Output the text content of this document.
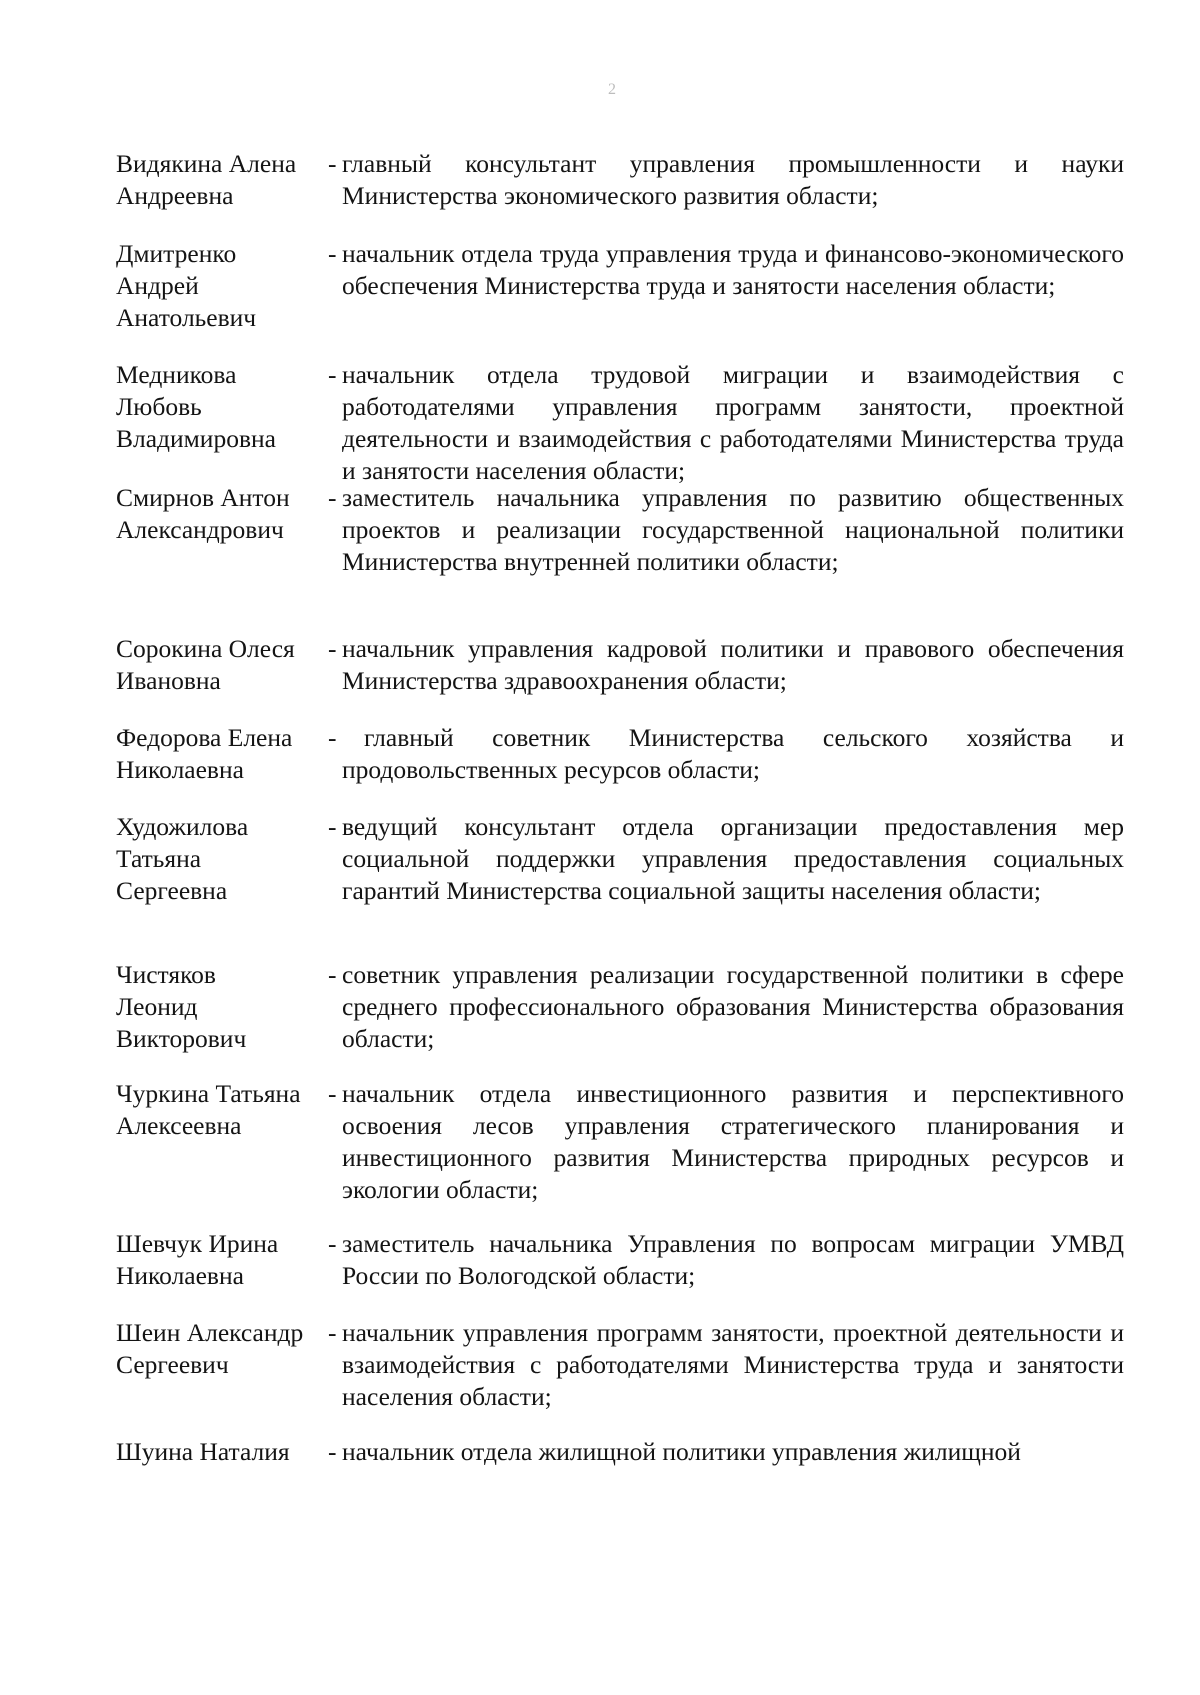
2
Видякина Алена
Андреевна
- главный консультант управления промышленности и науки Министерства экономического развития области;
Дмитренко
Андрей
Анатольевич
- начальник отдела труда управления труда и финансово-экономического обеспечения Министерства труда и занятости населения области;
Медникова
Любовь
Владимировна
- начальник отдела трудовой миграции и взаимодействия с работодателями управления программ занятости, проектной деятельности и взаимодействия с работодателями Министерства труда и занятости населения области;
Смирнов Антон
Александрович
- заместитель начальника управления по развитию общественных проектов и реализации государственной национальной политики Министерства внутренней политики области;
Сорокина Олеся
Ивановна
- начальник управления кадровой политики и правового обеспечения Министерства здравоохранения области;
Федорова Елена
Николаевна
-	главный советник Министерства сельского хозяйства и продовольственных ресурсов области;
Художилова
Татьяна
Сергеевна
- ведущий консультант отдела организации предоставления мер социальной поддержки управления предоставления социальных гарантий Министерства социальной защиты населения области;
Чистяков
Леонид
Викторович
- советник управления реализации государственной политики в сфере среднего профессионального образования Министерства образования области;
Чуркина Татьяна
Алексеевна
- начальник отдела инвестиционного развития и перспективного освоения лесов управления стратегического планирования и инвестиционного развития Министерства природных ресурсов и экологии области;
Шевчук Ирина
Николаевна
- заместитель начальника Управления по вопросам миграции УМВД России по Вологодской области;
Шеин Александр
Сергеевич
- начальник управления программ занятости, проектной деятельности и взаимодействия с работодателями Министерства труда и занятости населения области;
Шуина Наталия	- начальник отдела жилищной политики управления жилищной
